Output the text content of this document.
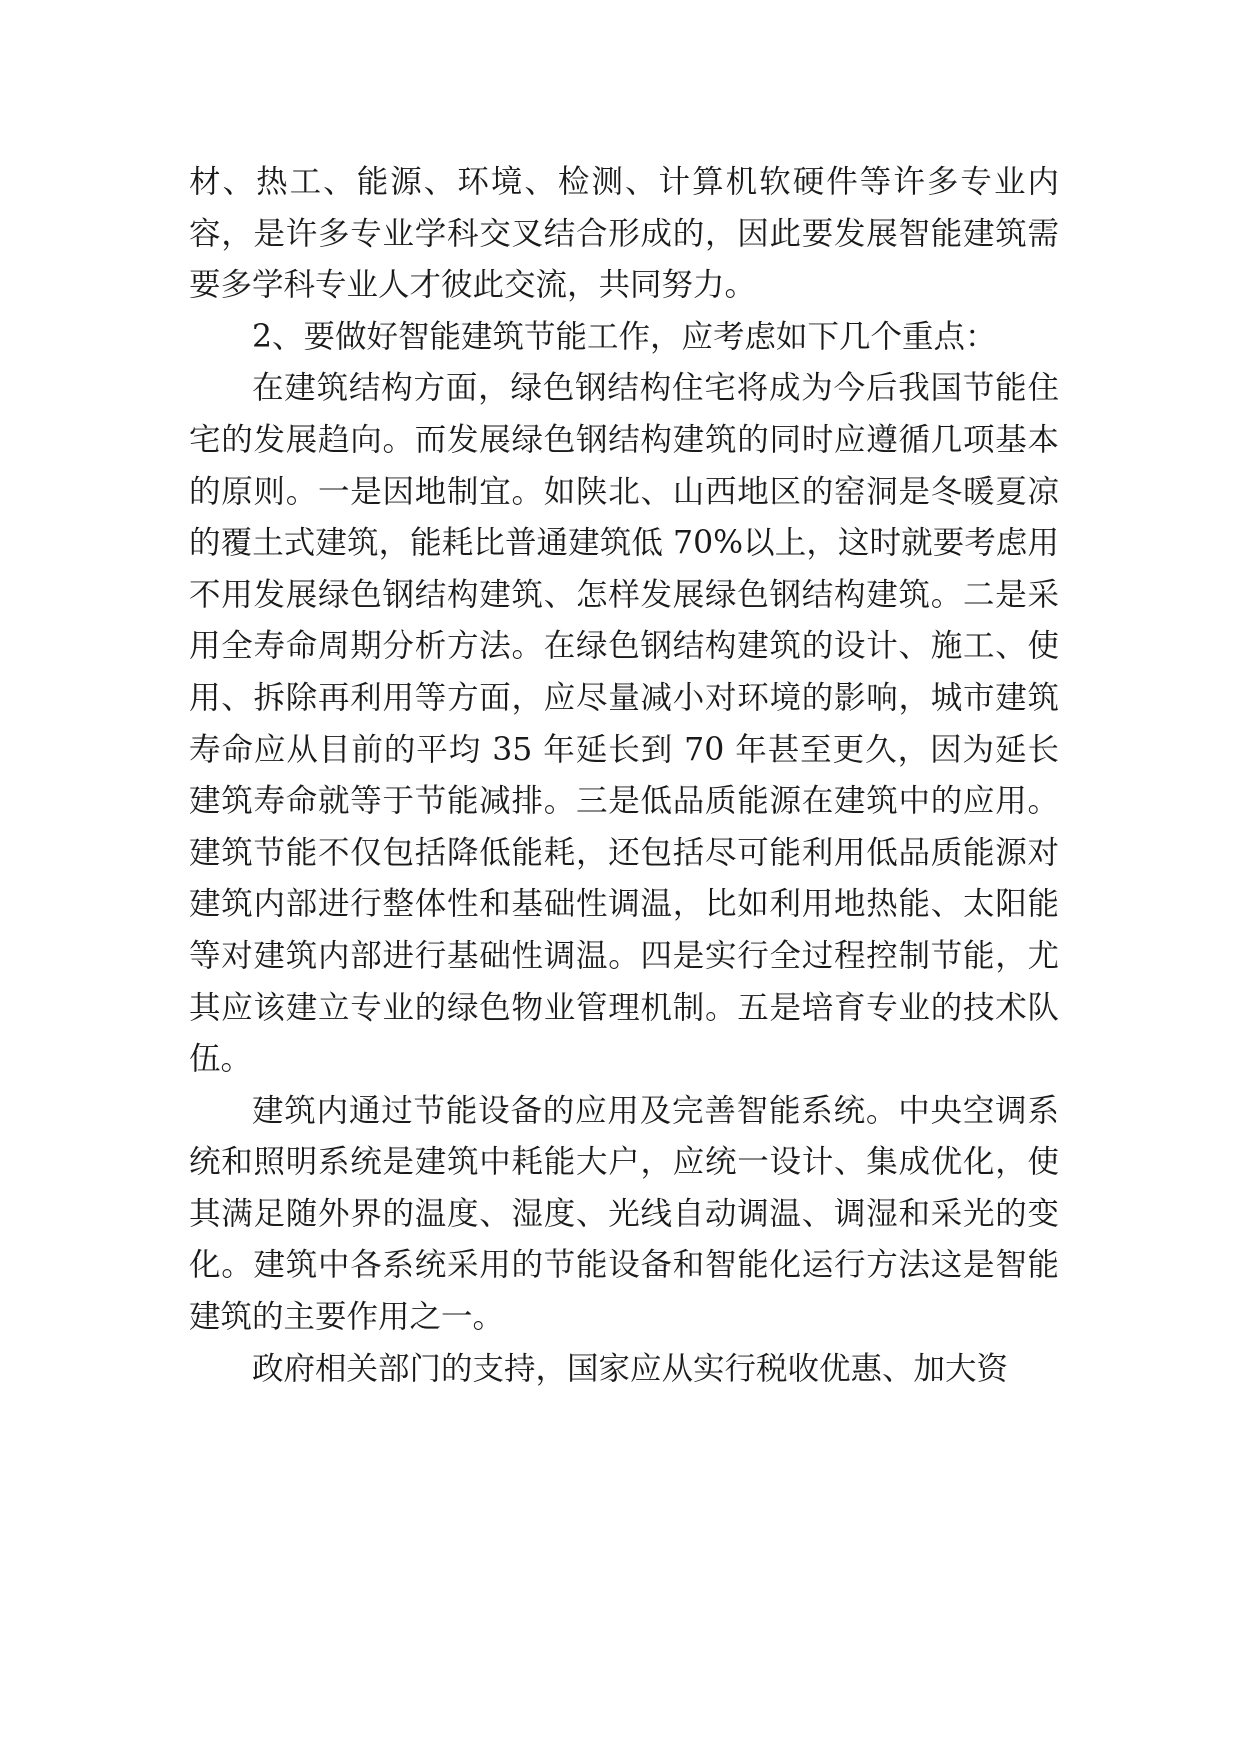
材、热工、能源、环境、检测、计算机软硬件等许多专业内容，是许多专业学科交叉结合形成的，因此要发展智能建筑需要多学科专业人才彼此交流，共同努力。

2、要做好智能建筑节能工作，应考虑如下几个重点：

在建筑结构方面，绿色钢结构住宅将成为今后我国节能住宅的发展趋向。而发展绿色钢结构建筑的同时应遵循几项基本的原则。一是因地制宜。如陕北、山西地区的窑洞是冬暖夏凉的覆土式建筑，能耗比普通建筑低 70%以上，这时就要考虑用不用发展绿色钢结构建筑、怎样发展绿色钢结构建筑。二是采用全寿命周期分析方法。在绿色钢结构建筑的设计、施工、使用、拆除再利用等方面，应尽量减小对环境的影响，城市建筑寿命应从目前的平均 35 年延长到 70 年甚至更久，因为延长建筑寿命就等于节能减排。三是低品质能源在建筑中的应用。建筑节能不仅包括降低能耗，还包括尽可能利用低品质能源对建筑内部进行整体性和基础性调温，比如利用地热能、太阳能等对建筑内部进行基础性调温。四是实行全过程控制节能，尤其应该建立专业的绿色物业管理机制。五是培育专业的技术队伍。

建筑内通过节能设备的应用及完善智能系统。中央空调系统和照明系统是建筑中耗能大户，应统一设计、集成优化，使其满足随外界的温度、湿度、光线自动调温、调湿和采光的变化。建筑中各系统采用的节能设备和智能化运行方法这是智能建筑的主要作用之一。

政府相关部门的支持，国家应从实行税收优惠、加大资
